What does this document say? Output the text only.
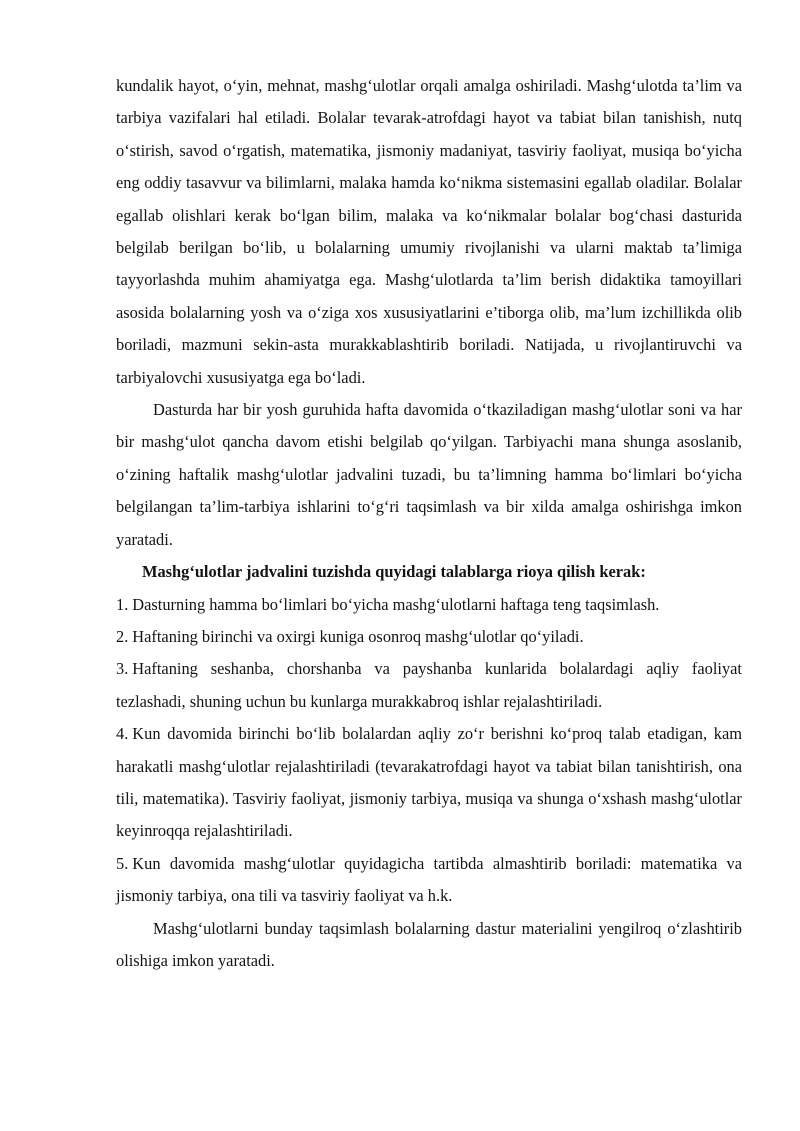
kundalik hayot, o‘yin, mehnat, mashg‘ulotlar orqali amalga oshiriladi. Mashg‘ulotda ta’lim va tarbiya vazifalari hal etiladi. Bolalar tevarak-atrofdagi hayot va tabiat bilan tanishish, nutq o‘stirish, savod o‘rgatish, matematika, jismoniy madaniyat, tasviriy faoliyat, musiqa bo‘yicha eng oddiy tasavvur va bilimlarni, malaka hamda ko‘nikma sistemasini egallab oladilar. Bolalar egallab olishlari kerak bo‘lgan bilim, malaka va ko‘nikmalar bolalar bog‘chasi dasturida belgilab berilgan bo‘lib, u bolalarning umumiy rivojlanishi va ularni maktab ta’limiga tayyorlashda muhim ahamiyatga ega. Mashg‘ulotlarda ta’lim berish didaktika tamoyillari asosida bolalarning yosh va o‘ziga xos xususiyatlarini e’tiborga olib, ma’lum izchillikda olib boriladi, mazmuni sekin-asta murakkablashtirib boriladi. Natijada, u rivojlantiruvchi va tarbiyalovchi xususiyatga ega bo‘ladi.

Dasturda har bir yosh guruhida hafta davomida o‘tkaziladigan mashg‘ulotlar soni va har bir mashg‘ulot qancha davom etishi belgilab qo‘yilgan. Tarbiyachi mana shunga asoslanib, o‘zining haftalik mashg‘ulotlar jadvalini tuzadi, bu ta’limning hamma bo‘limlari bo‘yicha belgilangan ta’lim-tarbiya ishlarini to‘g‘ri taqsimlash va bir xilda amalga oshirishga imkon yaratadi.

Mashg‘ulotlar jadvalini tuzishda quyidagi talablarga rioya qilish kerak:

1. Dasturning hamma bo‘limlari bo‘yicha mashg‘ulotlarni haftaga teng taqsimlash.

2. Haftaning birinchi va oxirgi kuniga osonroq mashg‘ulotlar qo‘yiladi.

3. Haftaning seshanba, chorshanba va payshanba kunlarida bolalardagi aqliy faoliyat tezlashadi, shuning uchun bu kunlarga murakkabroq ishlar rejalashtiriladi.

4. Kun davomida birinchi bo‘lib bolalardan aqliy zo‘r berishni ko‘proq talab etadigan, kam harakatli mashg‘ulotlar rejalashtiriladi (tevarakatrofdagi hayot va tabiat bilan tanishtirish, ona tili, matematika). Tasviriy faoliyat, jismoniy tarbiya, musiqa va shunga o‘xshash mashg‘ulotlar keyinroqqa rejalashtiriladi.

5. Kun davomida mashg‘ulotlar quyidagicha tartibda almashtirib boriladi: matematika va jismoniy tarbiya, ona tili va tasviriy faoliyat va h.k.

Mashg‘ulotlarni bunday taqsimlash bolalarning dastur materialini yengilroq o‘zlashtirib olishiga imkon yaratadi.
